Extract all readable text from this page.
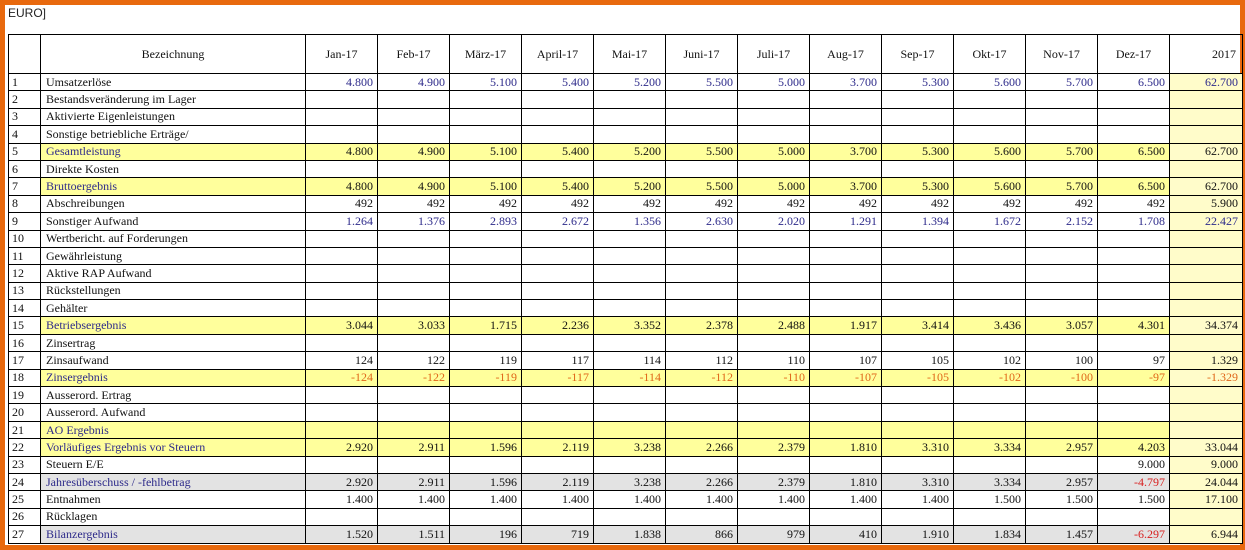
EURO]
	Bezeichnung	Jan-17	Feb-17	März-17	April-17	Mai-17	Juni-17	Juli-17	Aug-17	Sep-17	Okt-17	Nov-17	Dez-17	2017
1	Umsatzerlöse	4.800	4.900	5.100	5.400	5.200	5.500	5.000	3.700	5.300	5.600	5.700	6.500	62.700
2	Bestandsveränderung im Lager													
3	Aktivierte Eigenleistungen													
4	Sonstige betriebliche Erträge/													
5	Gesamtleistung	4.800	4.900	5.100	5.400	5.200	5.500	5.000	3.700	5.300	5.600	5.700	6.500	62.700
6	Direkte Kosten													
7	Bruttoergebnis	4.800	4.900	5.100	5.400	5.200	5.500	5.000	3.700	5.300	5.600	5.700	6.500	62.700
8	Abschreibungen	492	492	492	492	492	492	492	492	492	492	492	492	5.900
9	Sonstiger Aufwand	1.264	1.376	2.893	2.672	1.356	2.630	2.020	1.291	1.394	1.672	2.152	1.708	22.427
10	Wertbericht. auf Forderungen													
11	Gewährleistung													
12	Aktive RAP Aufwand													
13	Rückstellungen													
14	Gehälter													
15	Betriebsergebnis	3.044	3.033	1.715	2.236	3.352	2.378	2.488	1.917	3.414	3.436	3.057	4.301	34.374
16	Zinsertrag													
17	Zinsaufwand	124	122	119	117	114	112	110	107	105	102	100	97	1.329
18	Zinsergebnis	-124	-122	-119	-117	-114	-112	-110	-107	-105	-102	-100	-97	-1.329
19	Ausserord. Ertrag													
20	Ausserord. Aufwand													
21	AO Ergebnis													
22	Vorläufiges Ergebnis vor Steuern	2.920	2.911	1.596	2.119	3.238	2.266	2.379	1.810	3.310	3.334	2.957	4.203	33.044
23	Steuern E/E												9.000	9.000
24	Jahresüberschuss / -fehlbetrag	2.920	2.911	1.596	2.119	3.238	2.266	2.379	1.810	3.310	3.334	2.957	-4.797	24.044
25	Entnahmen	1.400	1.400	1.400	1.400	1.400	1.400	1.400	1.400	1.400	1.500	1.500	1.500	17.100
26	Rücklagen													
27	Bilanzergebnis	1.520	1.511	196	719	1.838	866	979	410	1.910	1.834	1.457	-6.297	6.944
